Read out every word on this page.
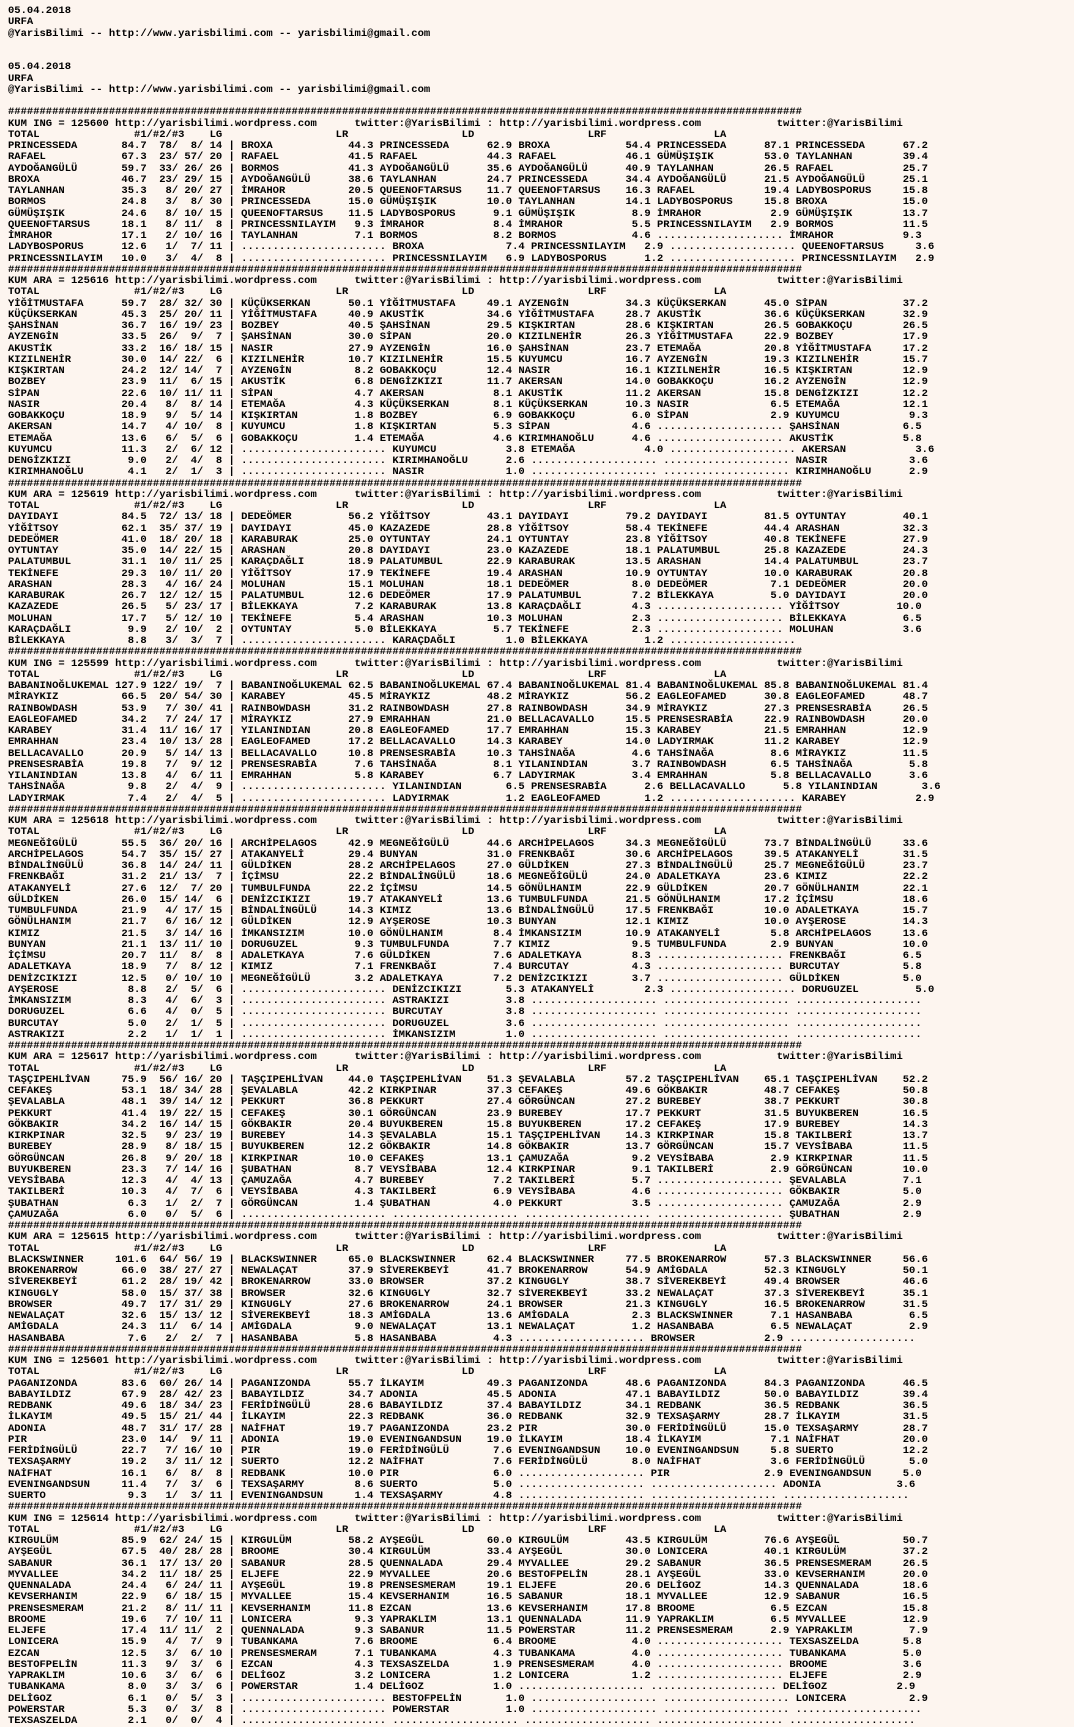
05.04.2018
URFA
@YarisBilimi -- http://www.yarisbilimi.com -- yarisbilimi@gmail.com
05.04.2018
URFA
@YarisBilimi -- http://www.yarisbilimi.com -- yarisbilimi@gmail.com
##############################################################################################################################
KUM ING = 125600 http://yarisbilimi.wordpress.com      twitter:@YarisBilimi : http://yarisbilimi.wordpress.com            twitter:@YarisBilimi
TOTAL               #1/#2/#3    LG                  LR                  LD                  LRF                 LA
PRINCESSEDA       84.7  78/  8/ 14 | BROXA            44.3 PRINCESSEDA      62.9 BROXA            54.4 PRINCESSEDA      87.1 PRINCESSEDA      67.2
RAFAEL            67.3  23/ 57/ 20 | RAFAEL           41.5 RAFAEL           44.3 RAFAEL           46.1 GÜMÜŞIŞIK        53.0 TAYLANHAN        39.4
AYDOĞANGÜLÜ       59.7  33/ 26/ 26 | BORMOS           41.3 AYDOĞANGÜLÜ      35.6 AYDOĞANGÜLÜ      40.9 TAYLANHAN        26.5 RAFAEL           25.7
BROXA             46.7  23/ 29/ 15 | AYDOĞANGÜLÜ      38.6 TAYLANHAN        24.7 PRINCESSEDA      34.4 AYDOĞANGÜLÜ      21.5 AYDOĞANGÜLÜ      25.1
TAYLANHAN         35.3   8/ 20/ 27 | İMRAHOR          20.5 QUEENOFTARSUS    11.7 QUEENOFTARSUS    16.3 RAFAEL           19.4 LADYBOSPORUS     15.8
BORMOS            24.8   3/  8/ 30 | PRINCESSEDA      15.0 GÜMÜŞIŞIK        10.0 TAYLANHAN        14.1 LADYBOSPORUS     15.8 BROXA            15.0
GÜMÜŞIŞIK         24.6   8/ 10/ 15 | QUEENOFTARSUS    11.5 LADYBOSPORUS      9.1 GÜMÜŞIŞIK         8.9 İMRAHOR           2.9 GÜMÜŞIŞIK        13.7
QUEENOFTARSUS     18.1   8/ 11/  8 | PRINCESSNILAYIM   9.3 İMRAHOR           8.4 İMRAHOR           5.5 PRINCESSNILAYIM   2.9 BORMOS           11.5
İMRAHOR           17.1   2/ 10/ 16 | TAYLANHAN         7.1 BORMOS            8.2 BORMOS            4.6 .................... İMRAHOR           9.3
LADYBOSPORUS      12.6   1/  7/ 11 | ....................... BROXA             7.4 PRINCESSNILAYIM   2.9 .................... QUEENOFTARSUS     3.6
PRINCESSNILAYIM   10.0   3/  4/  8 | ....................... PRINCESSNILAYIM   6.9 LADYBOSPORUS      1.2 .................... PRINCESSNILAYIM   2.9
##############################################################################################################################
KUM ARA = 125616 http://yarisbilimi.wordpress.com      twitter:@YarisBilimi : http://yarisbilimi.wordpress.com            twitter:@YarisBilimi
TOTAL               #1/#2/#3    LG                  LR                  LD                  LRF                 LA
YİĞİTMUSTAFA      59.7  28/ 32/ 30 | KÜÇÜKSERKAN      50.1 YİĞİTMUSTAFA     49.1 AYZENGİN         34.3 KÜÇÜKSERKAN      45.0 SİPAN            37.2
KÜÇÜKSERKAN       45.3  25/ 20/ 11 | YİĞİTMUSTAFA     40.9 AKUSTİK          34.6 YİĞİTMUSTAFA     28.7 AKUSTİK          36.6 KÜÇÜKSERKAN      32.9
ŞAHSİNAN          36.7  16/ 19/ 23 | BOZBEY           40.5 ŞAHSİNAN         29.5 KIŞKIRTAN        28.6 KIŞKIRTAN        26.5 GOBAKKOÇU        26.5
AYZENGİN          33.5  26/  9/  7 | ŞAHSİNAN         30.0 SİPAN            20.0 KIZILNEHİR       26.3 YİĞİTMUSTAFA     22.9 BOZBEY           17.9
AKUSTİK           33.2  16/ 18/ 15 | NASIR            27.9 AYZENGİN         16.0 ŞAHSİNAN         23.7 ETEMAĞA          20.8 YİĞİTMUSTAFA     17.2
KIZILNEHİR        30.0  14/ 22/  6 | KIZILNEHİR       10.7 KIZILNEHİR       15.5 KUYUMCU          16.7 AYZENGİN         19.3 KIZILNEHİR       15.7
KIŞKIRTAN         24.2  12/ 14/  7 | AYZENGİN          8.2 GOBAKKOÇU        12.4 NASIR            16.1 KIZILNEHİR       16.5 KIŞKIRTAN        12.9
BOZBEY            23.9  11/  6/ 15 | AKUSTİK           6.8 DENGİZKIZI       11.7 AKERSAN          14.0 GOBAKKOÇU        16.2 AYZENGİN         12.9
SİPAN             22.6  10/ 11/ 11 | SİPAN             4.7 AKERSAN           8.1 AKUSTİK          11.2 AKERSAN          15.8 DENGİZKIZI       12.2
NASIR             20.4   8/  8/ 14 | ETEMAĞA           4.3 KÜÇÜKSERKAN       8.1 KÜÇÜKSERKAN      10.3 NASIR             6.5 ETEMAĞA          12.1
GOBAKKOÇU         18.9   9/  5/ 14 | KIŞKIRTAN         1.8 BOZBEY            6.9 GOBAKKOÇU         6.0 SİPAN             2.9 KUYUMCU           9.3
AKERSAN           14.7   4/ 10/  8 | KUYUMCU           1.8 KIŞKIRTAN         5.3 SİPAN             4.6 .................... ŞAHSİNAN          6.5
ETEMAĞA           13.6   6/  5/  6 | GOBAKKOÇU         1.4 ETEMAĞA           4.6 KIRIMHANOĞLU      4.6 .................... AKUSTİK           5.8
KUYUMCU           11.3   2/  6/ 12 | ....................... KUYUMCU           3.8 ETEMAĞA           4.0 .................... AKERSAN           3.6
DENGİZKIZI         9.0   2/  4/  8 | ....................... KIRIMHANOĞLU      2.6 .................... .................... NASIR             3.6
KIRIMHANOĞLU       4.1   2/  1/  3 | ....................... NASIR             1.0 .................... .................... KIRIMHANOĞLU      2.9
##############################################################################################################################
KUM ARA = 125619 http://yarisbilimi.wordpress.com      twitter:@YarisBilimi : http://yarisbilimi.wordpress.com            twitter:@YarisBilimi
TOTAL               #1/#2/#3    LG                  LR                  LD                  LRF                 LA
DAYIDAYI          84.5  72/ 13/ 18 | DEDEÖMER         56.2 YİĞİTSOY         43.1 DAYIDAYI         79.2 DAYIDAYI         81.5 OYTUNTAY         40.1
YİĞİTSOY          62.1  35/ 37/ 19 | DAYIDAYI         45.0 KAZAZEDE         28.8 YİĞİTSOY         58.4 TEKİNEFE         44.4 ARASHAN          32.3
DEDEÖMER          41.0  18/ 20/ 18 | KARABURAK        25.0 OYTUNTAY         24.1 OYTUNTAY         23.8 YİĞİTSOY         40.8 TEKİNEFE         27.9
OYTUNTAY          35.0  14/ 22/ 15 | ARASHAN          20.8 DAYIDAYI         23.0 KAZAZEDE         18.1 PALATUMBUL       25.8 KAZAZEDE         24.3
PALATUMBUL        31.1  10/ 11/ 25 | KARAÇDAĞLI       18.9 PALATUMBUL       22.9 KARABURAK        13.5 ARASHAN          14.4 PALATUMBUL       23.7
TEKİNEFE          29.3  10/ 11/ 20 | YİĞİTSOY         17.9 TEKİNEFE         19.4 ARASHAN          10.9 OYTUNTAY         10.0 KARABURAK        20.8
ARASHAN           28.3   4/ 16/ 24 | MOLUHAN          15.1 MOLUHAN          18.1 DEDEÖMER          8.0 DEDEÖMER          7.1 DEDEÖMER         20.0
KARABURAK         26.7  12/ 12/ 15 | PALATUMBUL       12.6 DEDEÖMER         17.9 PALATUMBUL        7.2 BİLEKKAYA         5.0 DAYIDAYI         20.0
KAZAZEDE          26.5   5/ 23/ 17 | BİLEKKAYA         7.2 KARABURAK        13.8 KARAÇDAĞLI        4.3 .................... YİĞİTSOY         10.0
MOLUHAN           17.7   5/ 12/ 10 | TEKİNEFE          5.4 ARASHAN          10.3 MOLUHAN           2.3 .................... BİLEKKAYA         6.5
KARAÇDAĞLI         9.9   2/ 10/  2 | OYTUNTAY          5.0 BİLEKKAYA         5.7 TEKİNEFE          2.3 .................... MOLUHAN           3.6
BİLEKKAYA          8.8   3/  3/  7 | ....................... KARAÇDAĞLI        1.0 BİLEKKAYA         1.2 ....................
##############################################################################################################################
KUM ING = 125599 http://yarisbilimi.wordpress.com      twitter:@YarisBilimi : http://yarisbilimi.wordpress.com            twitter:@YarisBilimi
TOTAL               #1/#2/#3    LG                  LR                  LD                  LRF                 LA
BABANINOĞLUKEMAL 127.9 122/ 19/  7 | BABANINOĞLUKEMAL 62.5 BABANINOĞLUKEMAL 67.4 BABANINOĞLUKEMAL 81.4 BABANINOĞLUKEMAL 85.8 BABANINOĞLUKEMAL 81.4
MİRAYKIZ          66.5  20/ 54/ 30 | KARABEY          45.5 MİRAYKIZ         48.2 MİRAYKIZ         56.2 EAGLEOFAMED      30.8 EAGLEOFAMED      48.7
RAINBOWDASH       53.9   7/ 30/ 41 | RAINBOWDASH      31.2 RAINBOWDASH      27.8 RAINBOWDASH      34.9 MİRAYKIZ         27.3 PRENSESRABİA     26.5
EAGLEOFAMED       34.2   7/ 24/ 17 | MİRAYKIZ         27.9 EMRAHHAN         21.0 BELLACAVALLO     15.5 PRENSESRABİA     22.9 RAINBOWDASH      20.0
KARABEY           31.4  11/ 16/ 17 | YILANINDIAN      20.8 EAGLEOFAMED      17.7 EMRAHHAN         15.3 KARABEY          21.5 EMRAHHAN         12.9
EMRAHHAN          23.4  10/ 13/ 28 | EAGLEOFAMED      17.2 BELLACAVALLO     14.3 KARABEY          14.0 LADYIRMAK        11.2 KARABEY          12.9
BELLACAVALLO      20.9   5/ 14/ 13 | BELLACAVALLO     10.8 PRENSESRABİA     10.3 TAHSİNAĞA         4.6 TAHSİNAĞA         8.6 MİRAYKIZ         11.5
PRENSESRABİA      19.8   7/  9/ 12 | PRENSESRABİA      7.6 TAHSİNAĞA         8.1 YILANINDIAN       3.7 RAINBOWDASH       6.5 TAHSİNAĞA         5.8
YILANINDIAN       13.8   4/  6/ 11 | EMRAHHAN          5.8 KARABEY           6.7 LADYIRMAK         3.4 EMRAHHAN          5.8 BELLACAVALLO      3.6
TAHSİNAĞA          9.8   2/  4/  9 | ....................... YILANINDIAN       6.5 PRENSESRABİA      2.6 BELLACAVALLO      5.8 YILANINDIAN       3.6
LADYIRMAK          7.4   2/  4/  5 | ....................... LADYIRMAK         1.2 EAGLEOFAMED       1.2 .................... KARABEY           2.9
##############################################################################################################################
KUM ARA = 125618 http://yarisbilimi.wordpress.com      twitter:@YarisBilimi : http://yarisbilimi.wordpress.com            twitter:@YarisBilimi
TOTAL               #1/#2/#3    LG                  LR                  LD                  LRF                 LA
MEGNEĞİGÜLÜ       55.5  36/ 20/ 16 | ARCHİPELAGOS     42.9 MEGNEĞİGÜLÜ      44.6 ARCHİPELAGOS     34.3 MEGNEĞİGÜLÜ      73.7 BİNDALİNGÜLÜ     33.6
ARCHİPELAGOS      54.7  35/ 15/ 27 | ATAKANYELİ       29.4 BUNYAN           31.0 FRENKBAĞI        30.6 ARCHİPELAGOS     39.5 ATAKANYELİ       31.5
BİNDALİNGÜLÜ      36.8  14/ 24/ 11 | GÜLDİKEN         28.2 ARCHİPELAGOS     27.0 GÜLDİKEN         27.3 BİNDALİNGÜLÜ     25.7 MEGNEĞİGÜLÜ      23.7
FRENKBAĞI         31.2  21/ 13/  7 | İÇİMSU           22.2 BİNDALİNGÜLÜ     18.6 MEGNEĞİGÜLÜ      24.0 ADALETKAYA       23.6 KIMIZ            22.2
ATAKANYELİ        27.6  12/  7/ 20 | TUMBULFUNDA      22.2 İÇİMSU           14.5 GÖNÜLHANIM       22.9 GÜLDİKEN         20.7 GÖNÜLHANIM       22.1
GÜLDİKEN          26.0  15/ 14/  6 | DENİZCIKIZI      19.7 ATAKANYELİ       13.6 TUMBULFUNDA      21.5 GÖNÜLHANIM       17.2 İÇİMSU           18.6
TUMBULFUNDA       21.9   4/ 17/ 15 | BİNDALİNGÜLÜ     14.3 KIMIZ            13.6 BİNDALİNGÜLÜ     17.5 FRENKBAĞI        10.0 ADALETKAYA       15.7
GÖNÜLHANIM        21.7   6/ 16/ 12 | GÜLDİKEN         12.9 AYŞEROSE         10.3 BUNYAN           12.1 KIMIZ            10.0 AYŞEROSE         14.3
KIMIZ             21.5   3/ 14/ 16 | İMKANSIZIM       10.0 GÖNÜLHANIM        8.4 İMKANSIZIM       10.9 ATAKANYELİ        5.8 ARCHİPELAGOS     13.6
BUNYAN            21.1  13/ 11/ 10 | DORUGUZEL         9.3 TUMBULFUNDA       7.7 KIMIZ             9.5 TUMBULFUNDA       2.9 BUNYAN           10.0
İÇİMSU            20.7  11/  8/  8 | ADALETKAYA        7.6 GÜLDİKEN          7.6 ADALETKAYA        8.3 .................... FRENKBAĞI         6.5
ADALETKAYA        18.9   7/  8/ 12 | KIMIZ             7.1 FRENKBAĞI         7.4 BURCUTAY          4.3 .................... BURCUTAY          5.8
DENİZCIKIZI       12.5   0/ 10/ 10 | MEGNEĞİGÜLÜ       3.2 ADALETKAYA        7.2 DENİZCIKIZI       3.7 .................... GÜLDİKEN          5.0
AYŞEROSE           8.8   2/  5/  6 | ....................... DENİZCIKIZI       5.3 ATAKANYELİ        2.3 .................... DORUGUZEL         5.0
İMKANSIZIM         8.3   4/  6/  3 | ....................... ASTRAKIZI         3.8 .................... .................... ....................
DORUGUZEL          6.6   4/  0/  5 | ....................... BURCUTAY          3.8 .................... .................... ....................
BURCUTAY           5.0   2/  1/  5 | ....................... DORUGUZEL         3.6 .................... .................... ....................
ASTRAKIZI          2.2   1/  1/  1 | ....................... İMKANSIZIM        1.0 .................... .................... ....................
##############################################################################################################################
KUM ARA = 125617 http://yarisbilimi.wordpress.com      twitter:@YarisBilimi : http://yarisbilimi.wordpress.com            twitter:@YarisBilimi
TOTAL               #1/#2/#3    LG                  LR                  LD                  LRF                 LA
TAŞÇIPEHLİVAN     75.9  56/ 16/ 20 | TAŞÇIPEHLİVAN    44.0 TAŞÇIPEHLİVAN    51.3 ŞEVALABLA        57.2 TAŞÇIPEHLİVAN    65.1 TAŞÇIPEHLİVAN    52.2
CEFAKEŞ           53.1  18/ 34/ 28 | ŞEVALABLA        42.2 KIRKPINAR        37.3 CEFAKEŞ          49.6 GÖKBAKIR         48.7 CEFAKEŞ          50.8
ŞEVALABLA         48.1  39/ 14/ 12 | PEKKURT          36.8 PEKKURT          27.4 GÖRGÜNCAN        27.2 BUREBEY          38.7 PEKKURT          30.8
PEKKURT           41.4  19/ 22/ 15 | CEFAKEŞ          30.1 GÖRGÜNCAN        23.9 BUREBEY          17.7 PEKKURT          31.5 BUYUKBEREN       16.5
GÖKBAKIR          34.2  16/ 14/ 15 | GÖKBAKIR         20.4 BUYUKBEREN       15.8 BUYUKBEREN       17.2 CEFAKEŞ          17.9 BUREBEY          14.3
KIRKPINAR         32.5   9/ 23/ 19 | BUREBEY          14.3 ŞEVALABLA        15.1 TAŞÇIPEHLİVAN    14.3 KIRKPINAR        15.8 TAKILBERİ        13.7
BUREBEY           28.9   8/ 18/ 15 | BUYUKBEREN       12.2 GÖKBAKIR         14.8 GÖKBAKIR         13.7 GÖRGÜNCAN        15.7 VEYSİBABA        11.5
GÖRGÜNCAN         26.8   9/ 20/ 18 | KIRKPINAR        10.0 CEFAKEŞ          13.1 ÇAMUZAĞA          9.2 VEYSİBABA         2.9 KIRKPINAR        11.5
BUYUKBEREN        23.3   7/ 14/ 16 | ŞUBATHAN          8.7 VEYSİBABA        12.4 KIRKPINAR         9.1 TAKILBERİ         2.9 GÖRGÜNCAN        10.0
VEYSİBABA         12.3   4/  4/ 13 | ÇAMUZAĞA          4.7 BUREBEY           7.2 TAKILBERİ         5.7 .................... ŞEVALABLA         7.1
TAKILBERİ         10.3   4/  7/  6 | VEYSİBABA         4.3 TAKILBERİ         6.9 VEYSİBABA         4.6 .................... GÖKBAKIR          5.0
ŞUBATHAN           6.3   1/  2/  7 | GÖRGÜNCAN         1.4 ŞUBATHAN          4.0 PEKKURT           3.5 .................... ÇAMUZAĞA          2.9
ÇAMUZAĞA           6.0   0/  5/  6 | ....................... .................... .................... .................... ŞUBATHAN          2.9
##############################################################################################################################
KUM ARA = 125615 http://yarisbilimi.wordpress.com      twitter:@YarisBilimi : http://yarisbilimi.wordpress.com            twitter:@YarisBilimi
TOTAL               #1/#2/#3    LG                  LR                  LD                  LRF                 LA
BLACKSWINNER     101.6  64/ 56/ 19 | BLACKSWINNER     65.0 BLACKSWINNER     62.4 BLACKSWINNER     77.5 BROKENARROW      57.3 BLACKSWINNER     56.6
BROKENARROW       66.0  38/ 27/ 27 | NEWALAÇAT        37.9 SİVEREKBEYİ      41.7 BROKENARROW      54.9 AMİGDALA         52.3 KINGUGLY         50.1
SİVEREKBEYİ       61.2  28/ 19/ 42 | BROKENARROW      33.0 BROWSER          37.2 KINGUGLY         38.7 SİVEREKBEYİ      49.4 BROWSER          46.6
KINGUGLY          58.0  15/ 37/ 38 | BROWSER          32.6 KINGUGLY         32.7 SİVEREKBEYİ      33.2 NEWALAÇAT        37.3 SİVEREKBEYİ      35.1
BROWSER           49.7  17/ 31/ 29 | KINGUGLY         27.6 BROKENARROW      24.1 BROWSER          21.3 KINGUGLY         16.5 BROKENARROW      31.5
NEWALAÇAT         32.6  15/ 13/ 12 | SİVEREKBEYİ      18.3 AMİGDALA         13.6 AMİGDALA          2.3 BLACKSWINNER      7.1 HASANBABA         6.5
AMİGDALA          24.3  11/  6/ 14 | AMİGDALA          9.0 NEWALAÇAT        13.1 NEWALAÇAT         1.2 HASANBABA         6.5 NEWALAÇAT         2.9
HASANBABA          7.6   2/  2/  7 | HASANBABA         5.8 HASANBABA         4.3 .................... BROWSER           2.9 ....................
##############################################################################################################################
KUM ING = 125601 http://yarisbilimi.wordpress.com      twitter:@YarisBilimi : http://yarisbilimi.wordpress.com            twitter:@YarisBilimi
TOTAL               #1/#2/#3    LG                  LR                  LD                  LRF                 LA
PAGANIZONDA       83.6  60/ 26/ 14 | PAGANIZONDA      55.7 İLKAYIM          49.3 PAGANIZONDA      48.6 PAGANIZONDA      84.3 PAGANIZONDA      46.5
BABAYILDIZ        67.9  28/ 42/ 23 | BABAYILDIZ       34.7 ADONIA           45.5 ADONIA           47.1 BABAYILDIZ       50.0 BABAYILDIZ       39.4
REDBANK           49.6  18/ 34/ 23 | FERİDİNGÜLÜ      28.6 BABAYILDIZ       37.4 BABAYILDIZ       34.1 REDBANK          36.5 REDBANK          36.5
İLKAYIM           49.5  15/ 21/ 44 | İLKAYIM          22.3 REDBANK          36.0 REDBANK          32.9 TEXSAŞARMY       28.7 İLKAYIM          31.5
ADONIA            48.7  31/ 17/ 28 | NAİFHAT          19.7 PAGANIZONDA      23.2 PIR              30.0 FERİDİNGÜLÜ      15.0 TEXSAŞARMY       28.7
PIR               23.0  14/  9/ 11 | ADONIA           19.0 EVENINGANDSUN    19.0 İLKAYIM          18.4 İLKAYIM           7.1 NAİFHAT          20.0
FERİDİNGÜLÜ       22.7   7/ 16/ 10 | PIR              19.0 FERİDİNGÜLÜ       7.6 EVENINGANDSUN    10.0 EVENINGANDSUN     5.8 SUERTO           12.2
TEXSAŞARMY        19.2   3/ 11/ 12 | SUERTO           12.2 NAİFHAT           7.6 FERİDİNGÜLÜ       8.0 NAİFHAT           3.6 FERİDİNGÜLÜ       5.0
NAİFHAT           16.1   6/  8/  8 | REDBANK          10.0 PIR               6.0 .................... PIR               2.9 EVENINGANDSUN     5.0
EVENINGANDSUN     11.4   7/  3/  6 | TEXSAŞARMY        8.6 SUERTO            5.0 .................... .................... ADONIA            3.6
SUERTO             9.3   1/  3/ 11 | EVENINGANDSUN     1.4 TEXSAŞARMY        4.8 .................... .................... ....................
##############################################################################################################################
KUM ING = 125614 http://yarisbilimi.wordpress.com      twitter:@YarisBilimi : http://yarisbilimi.wordpress.com            twitter:@YarisBilimi
TOTAL               #1/#2/#3    LG                  LR                  LD                  LRF                 LA
KIRGULÜM          85.9  62/ 24/ 15 | KIRGULÜM         58.2 AYŞEGÜL          60.0 KIRGULÜM         43.5 KIRGULÜM         76.6 AYŞEGÜL          50.7
AYŞEGÜL           67.5  40/ 28/ 28 | BROOME           30.4 KIRGULÜM         33.4 AYŞEGÜL          30.0 LONICERA         40.1 KIRGULÜM         37.2
SABANUR           36.1  17/ 13/ 20 | SABANUR          28.5 QUENNALADA       29.4 MYVALLEE         29.2 SABANUR          36.5 PRENSESMERAM     26.5
MYVALLEE          34.2  11/ 18/ 25 | ELJEFE           22.9 MYVALLEE         20.6 BESTOFPELİN      28.1 AYŞEGÜL          33.0 KEVSERHANIM      20.0
QUENNALADA        24.4   6/ 24/ 11 | AYŞEGÜL          19.8 PRENSESMERAM     19.1 ELJEFE           20.6 DELİGOZ          14.3 QUENNALADA       18.6
KEVSERHANIM       22.9   6/ 18/ 15 | MYVALLEE         15.4 KEVSERHANIM      16.5 SABANUR          18.1 MYVALLEE         12.9 SABANUR          16.5
PRENSESMERAM      21.2   8/ 11/ 11 | KEVSERHANIM      11.8 EZCAN            13.6 KEVSERHANIM      17.8 BROOME            6.5 EZCAN            15.8
BROOME            19.6   7/ 10/ 11 | LONICERA          9.3 YAPRAKLIM        13.1 QUENNALADA       11.9 YAPRAKLIM         6.5 MYVALLEE         12.9
ELJEFE            17.4  11/ 11/  2 | QUENNALADA        9.3 SABANUR          11.5 POWERSTAR        11.2 PRENSESMERAM      2.9 YAPRAKLIM         7.9
LONICERA          15.9   4/  7/  9 | TUBANKAMA         7.6 BROOME            6.4 BROOME            4.0 .................... TEXSASZELDA       5.8
EZCAN             12.5   3/  6/ 10 | PRENSESMERAM      7.1 TUBANKAMA         4.3 TUBANKAMA         4.0 .................... TUBANKAMA         5.0
BESTOFPELİN       11.3   9/  3/  6 | EZCAN             4.3 TEXSASZELDA       1.9 PRENSESMERAM      4.0 .................... BROOME            3.6
YAPRAKLIM         10.6   3/  6/  6 | DELİGOZ           3.2 LONICERA          1.2 LONICERA          1.2 .................... ELJEFE            2.9
TUBANKAMA          8.0   3/  3/  6 | POWERSTAR         1.4 DELİGOZ           1.0 .................... .................... DELİGOZ           2.9
DELİGOZ            6.1   0/  5/  3 | ....................... BESTOFPELİN       1.0 .................... .................... LONICERA          2.9
POWERSTAR          5.3   0/  3/  8 | ....................... POWERSTAR         1.0 .................... .................... ....................
TEXSASZELDA        2.1   0/  0/  4 | ....................... .................... .................... .................... ....................
